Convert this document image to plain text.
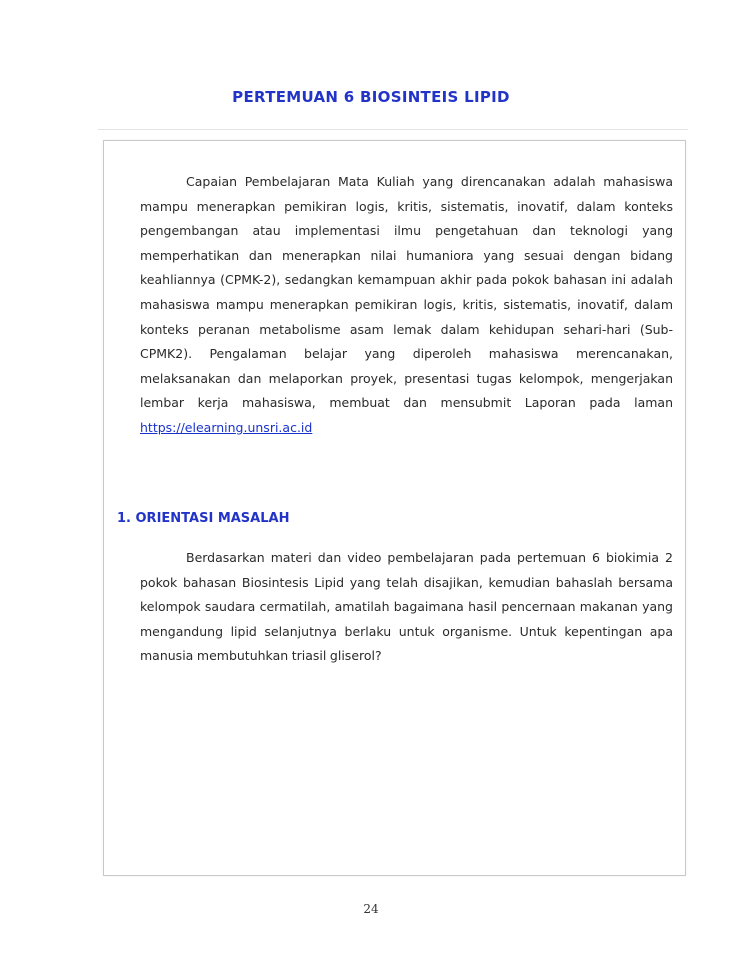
PERTEMUAN 6 BIOSINTEIS LIPID

Capaian Pembelajaran Mata Kuliah yang direncanakan adalah mahasiswa mampu menerapkan pemikiran logis, kritis, sistematis, inovatif, dalam konteks pengembangan atau implementasi ilmu pengetahuan dan teknologi yang memperhatikan dan menerapkan nilai humaniora yang sesuai dengan bidang keahliannya (CPMK-2), sedangkan kemampuan akhir pada pokok bahasan ini adalah mahasiswa mampu menerapkan pemikiran logis, kritis, sistematis, inovatif, dalam konteks peranan metabolisme asam lemak dalam kehidupan sehari-hari (Sub-CPMK2). Pengalaman belajar yang diperoleh mahasiswa merencanakan, melaksanakan dan melaporkan proyek, presentasi tugas kelompok, mengerjakan lembar kerja mahasiswa, membuat dan mensubmit Laporan pada laman https://elearning.unsri.ac.id

1. ORIENTASI MASALAH

Berdasarkan materi dan video pembelajaran pada pertemuan 6 biokimia 2 pokok bahasan Biosintesis Lipid yang telah disajikan, kemudian bahaslah bersama kelompok saudara cermatilah, amatilah bagaimana hasil pencernaan makanan yang mengandung lipid selanjutnya berlaku untuk organisme. Untuk kepentingan apa manusia membutuhkan triasil gliserol?

24
